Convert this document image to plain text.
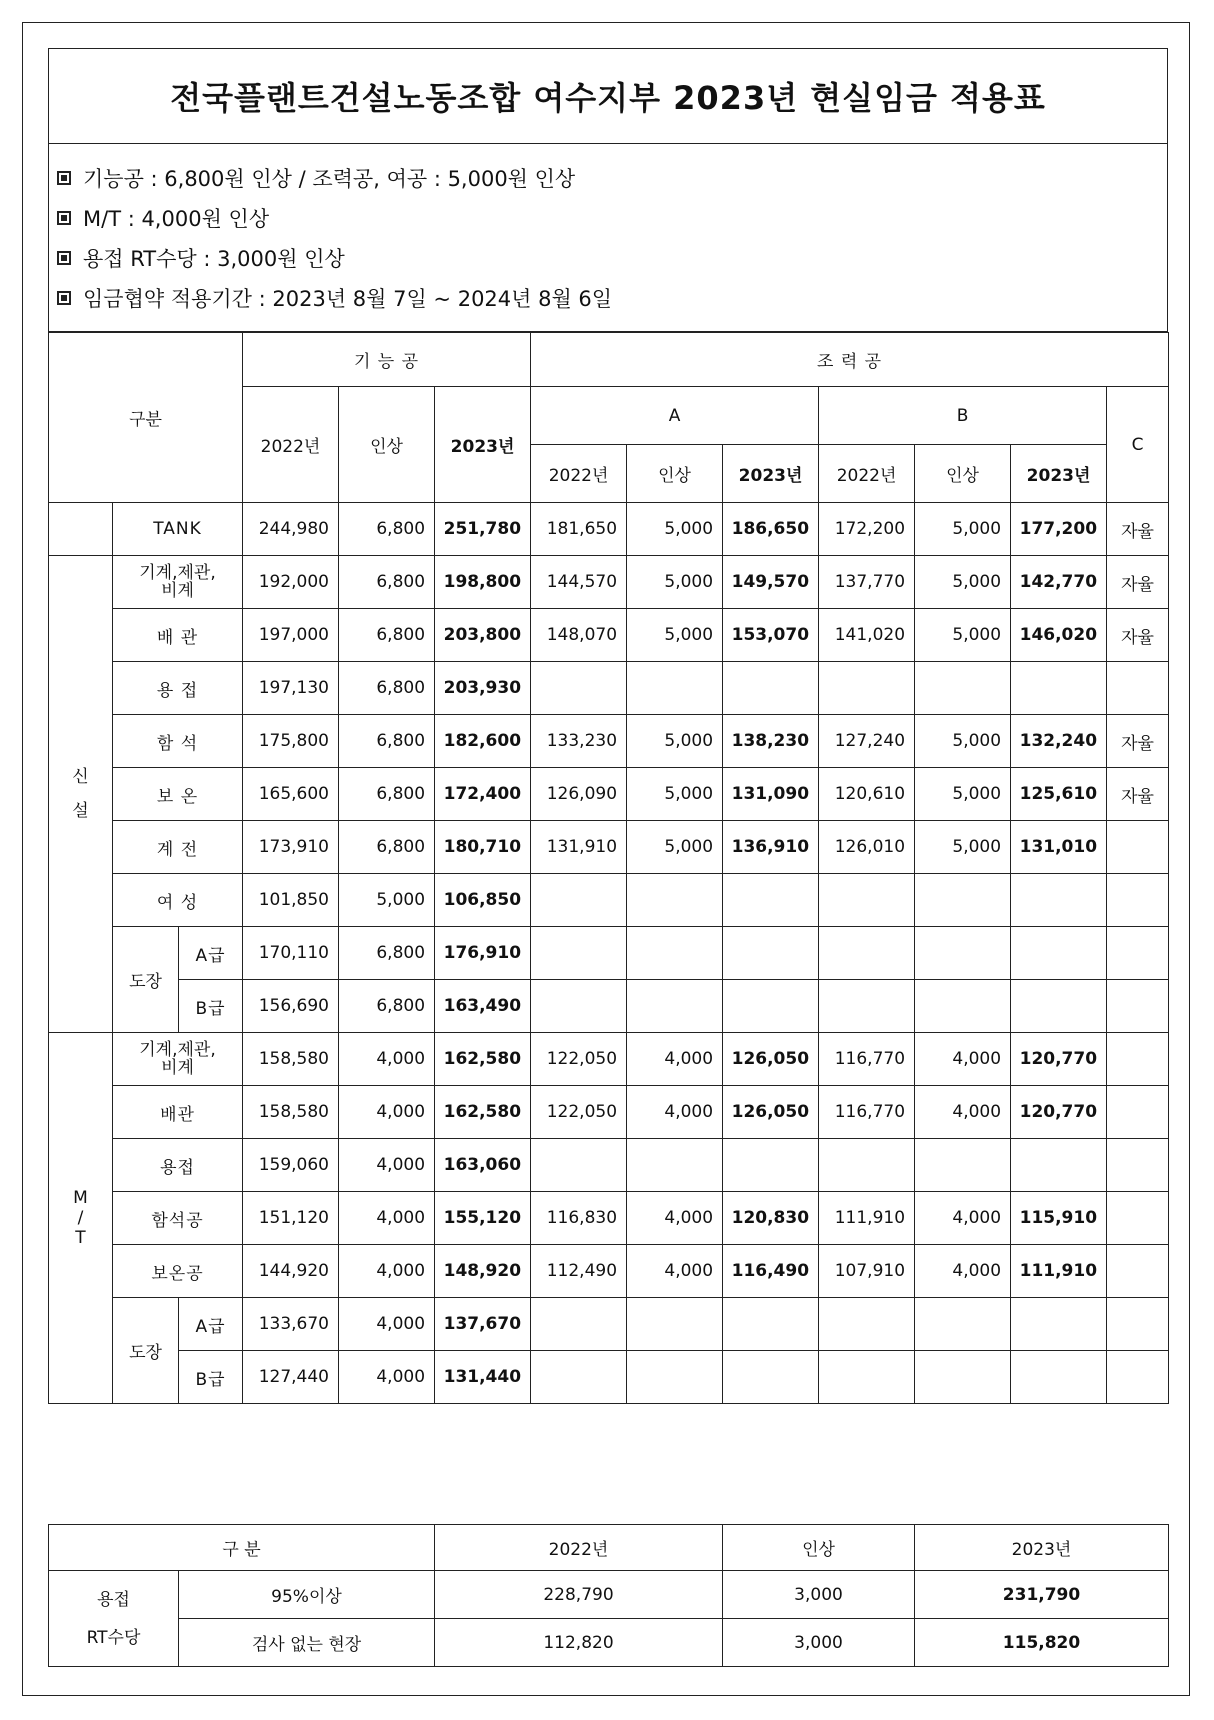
전국플랜트건설노동조합 여수지부 2023년 현실임금 적용표
기능공 : 6,800원 인상 / 조력공, 여공 : 5,000원 인상
M/T : 4,000원 인상
용접 RT수당 : 3,000원 인상
임금협약 적용기간 : 2023년 8월 7일 ~ 2024년 8월 6일
구분			기 능 공			조 력 공						
			2022년	인상	2023년	A			B			C
						2022년	인상	2023년	2022년	인상	2023년	
	TANK		244,980	6,800	251,780	181,650	5,000	186,650	172,200	5,000	177,200	자율
신
설	기계,제관,
비계		192,000	6,800	198,800	144,570	5,000	149,570	137,770	5,000	142,770	자율
	배 관		197,000	6,800	203,800	148,070	5,000	153,070	141,020	5,000	146,020	자율
	용 접		197,130	6,800	203,930							
	함 석		175,800	6,800	182,600	133,230	5,000	138,230	127,240	5,000	132,240	자율
	보 온		165,600	6,800	172,400	126,090	5,000	131,090	120,610	5,000	125,610	자율
	계 전		173,910	6,800	180,710	131,910	5,000	136,910	126,010	5,000	131,010	
	여 성		101,850	5,000	106,850							
	도장	A급	170,110	6,800	176,910							
		B급	156,690	6,800	163,490							
M
/
T	기계,제관,
비계		158,580	4,000	162,580	122,050	4,000	126,050	116,770	4,000	120,770	
	배관		158,580	4,000	162,580	122,050	4,000	126,050	116,770	4,000	120,770	
	용접		159,060	4,000	163,060							
	함석공		151,120	4,000	155,120	116,830	4,000	120,830	111,910	4,000	115,910	
	보온공		144,920	4,000	148,920	112,490	4,000	116,490	107,910	4,000	111,910	
	도장	A급	133,670	4,000	137,670							
		B급	127,440	4,000	131,440							
구 분		2022년	인상	2023년
용접
RT수당	95%이상	228,790	3,000	231,790
	검사 없는 현장	112,820	3,000	115,820
